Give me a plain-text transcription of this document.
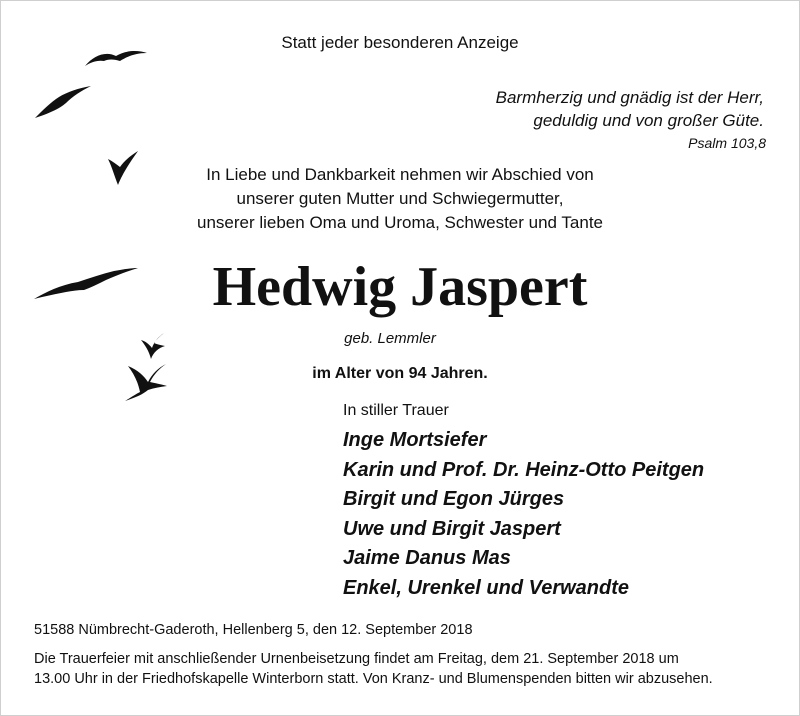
Statt jeder besonderen Anzeige
Barmherzig und gnädig ist der Herr,
geduldig und von großer Güte.
Psalm 103,8
In Liebe und Dankbarkeit nehmen wir Abschied von
unserer guten Mutter und Schwiegermutter,
unserer lieben Oma und Uroma, Schwester und Tante
Hedwig Jaspert
geb. Lemmler
im Alter von 94 Jahren.
In stiller Trauer
Inge Mortsiefer
Karin und Prof. Dr. Heinz-Otto Peitgen
Birgit und Egon Jürges
Uwe und Birgit Jaspert
Jaime Danus Mas
Enkel, Urenkel und Verwandte
51588 Nümbrecht-Gaderoth, Hellenberg 5, den 12. September 2018
Die Trauerfeier mit anschließender Urnenbeisetzung findet am Freitag, dem 21. September 2018 um
13.00 Uhr in der Friedhofskapelle Winterborn statt. Von Kranz- und Blumenspenden bitten wir abzusehen.
